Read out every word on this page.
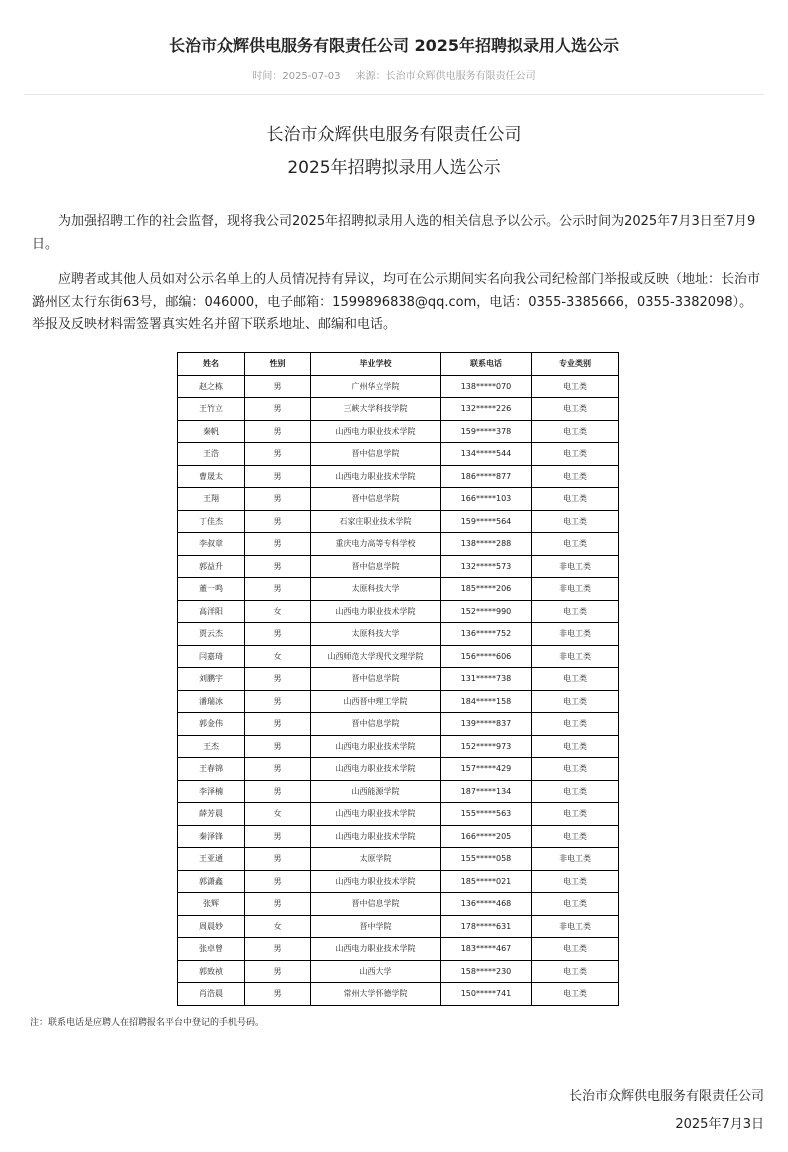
长治市众辉供电服务有限责任公司 2025年招聘拟录用人选公示
时间：2025-07-03 来源：长治市众辉供电服务有限责任公司
长治市众辉供电服务有限责任公司
2025年招聘拟录用人选公示

为加强招聘工作的社会监督，现将我公司2025年招聘拟录用人选的相关信息予以公示。公示时间为2025年7月3日至7月9日。

应聘者或其他人员如对公示名单上的人员情况持有异议，均可在公示期间实名向我公司纪检部门举报或反映（地址：长治市潞州区太行东街63号，邮编：046000，电子邮箱：1599896838@qq.com，电话：0355-3385666，0355-3382098）。举报及反映材料需签署真实姓名并留下联系地址、邮编和电话。

姓名	性别	毕业学校	联系电话	专业类别
赵之栋	男	广州华立学院	138*****070	电工类
王竹立	男	三峡大学科技学院	132*****226	电工类
秦帆	男	山西电力职业技术学院	159*****378	电工类
王浩	男	晋中信息学院	134*****544	电工类
曹晟太	男	山西电力职业技术学院	186*****877	电工类
王翔	男	晋中信息学院	166*****103	电工类
丁佳杰	男	石家庄职业技术学院	159*****564	电工类
李叔章	男	重庆电力高等专科学校	138*****288	电工类
郭益升	男	晋中信息学院	132*****573	非电工类
董一鸣	男	太原科技大学	185*****206	非电工类
高洋阳	女	山西电力职业技术学院	152*****990	电工类
贾云杰	男	太原科技大学	136*****752	非电工类
闫嘉琦	女	山西师范大学现代文理学院	156*****606	非电工类
刘鹏宇	男	晋中信息学院	131*****738	电工类
潘瑞冰	男	山西晋中理工学院	184*****158	电工类
郭金伟	男	晋中信息学院	139*****837	电工类
王杰	男	山西电力职业技术学院	152*****973	电工类
王春锦	男	山西电力职业技术学院	157*****429	电工类
李泽楠	男	山西能源学院	187*****134	电工类
薛芳晨	女	山西电力职业技术学院	155*****563	电工类
秦泽锋	男	山西电力职业技术学院	166*****205	电工类
王亚通	男	太原学院	155*****058	非电工类
郭潇鑫	男	山西电力职业技术学院	185*****021	电工类
张辉	男	晋中信息学院	136*****468	电工类
周晨妙	女	晋中学院	178*****631	非电工类
张卓曾	男	山西电力职业技术学院	183*****467	电工类
郭致祯	男	山西大学	158*****230	电工类
肖浩晨	男	常州大学怀德学院	150*****741	电工类
注：联系电话是应聘人在招聘报名平台中登记的手机号码。
长治市众辉供电服务有限责任公司
2025年7月3日
